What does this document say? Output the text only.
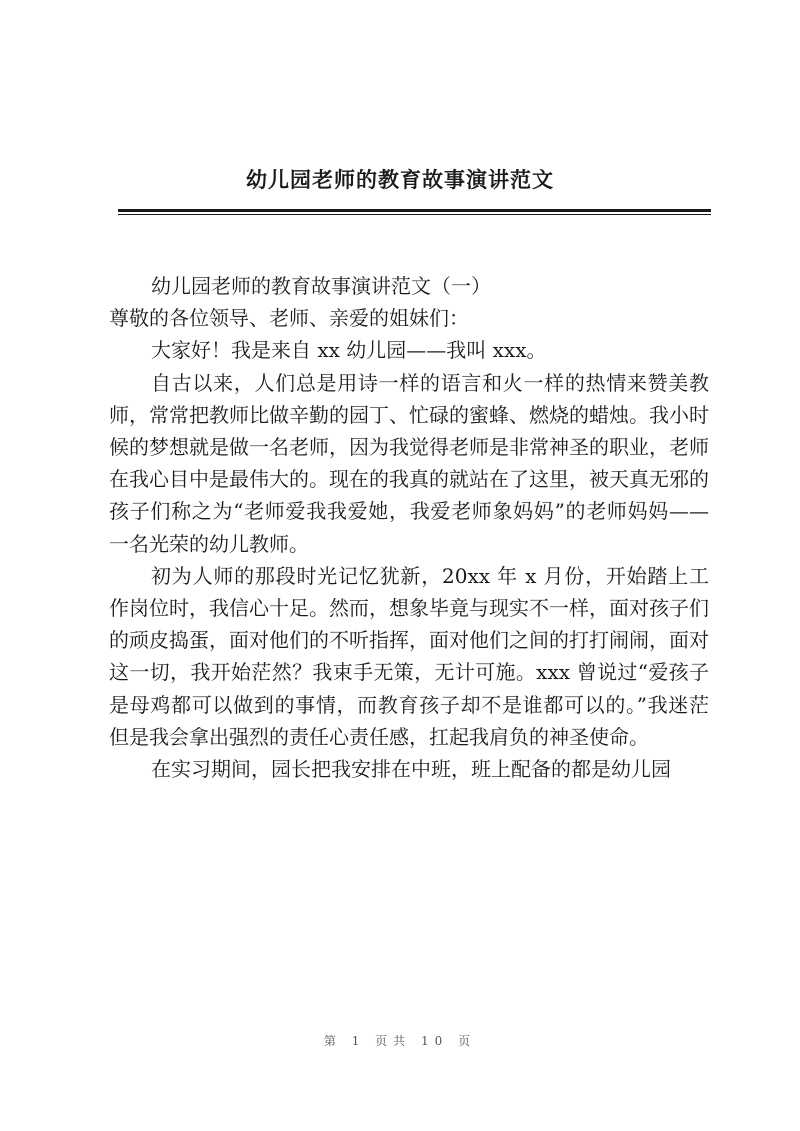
幼儿园老师的教育故事演讲范文

幼儿园老师的教育故事演讲范文（一）

尊敬的各位领导、老师、亲爱的姐妹们：

大家好！我是来自 xx 幼儿园——我叫 xxx。

自古以来，人们总是用诗一样的语言和火一样的热情来赞美教师，常常把教师比做辛勤的园丁、忙碌的蜜蜂、燃烧的蜡烛。我小时候的梦想就是做一名老师，因为我觉得老师是非常神圣的职业，老师在我心目中是最伟大的。现在的我真的就站在了这里，被天真无邪的孩子们称之为“老师爱我我爱她，我爱老师象妈妈”的老师妈妈——一名光荣的幼儿教师。

初为人师的那段时光记忆犹新，20xx 年 x 月份，开始踏上工作岗位时，我信心十足。然而，想象毕竟与现实不一样，面对孩子们的顽皮捣蛋，面对他们的不听指挥，面对他们之间的打打闹闹，面对这一切，我开始茫然？我束手无策，无计可施。xxx 曾说过“爱孩子是母鸡都可以做到的事情，而教育孩子却不是谁都可以的。”我迷茫但是我会拿出强烈的责任心责任感，扛起我肩负的神圣使命。

在实习期间，园长把我安排在中班，班上配备的都是幼儿园

第 1 页共 10 页
